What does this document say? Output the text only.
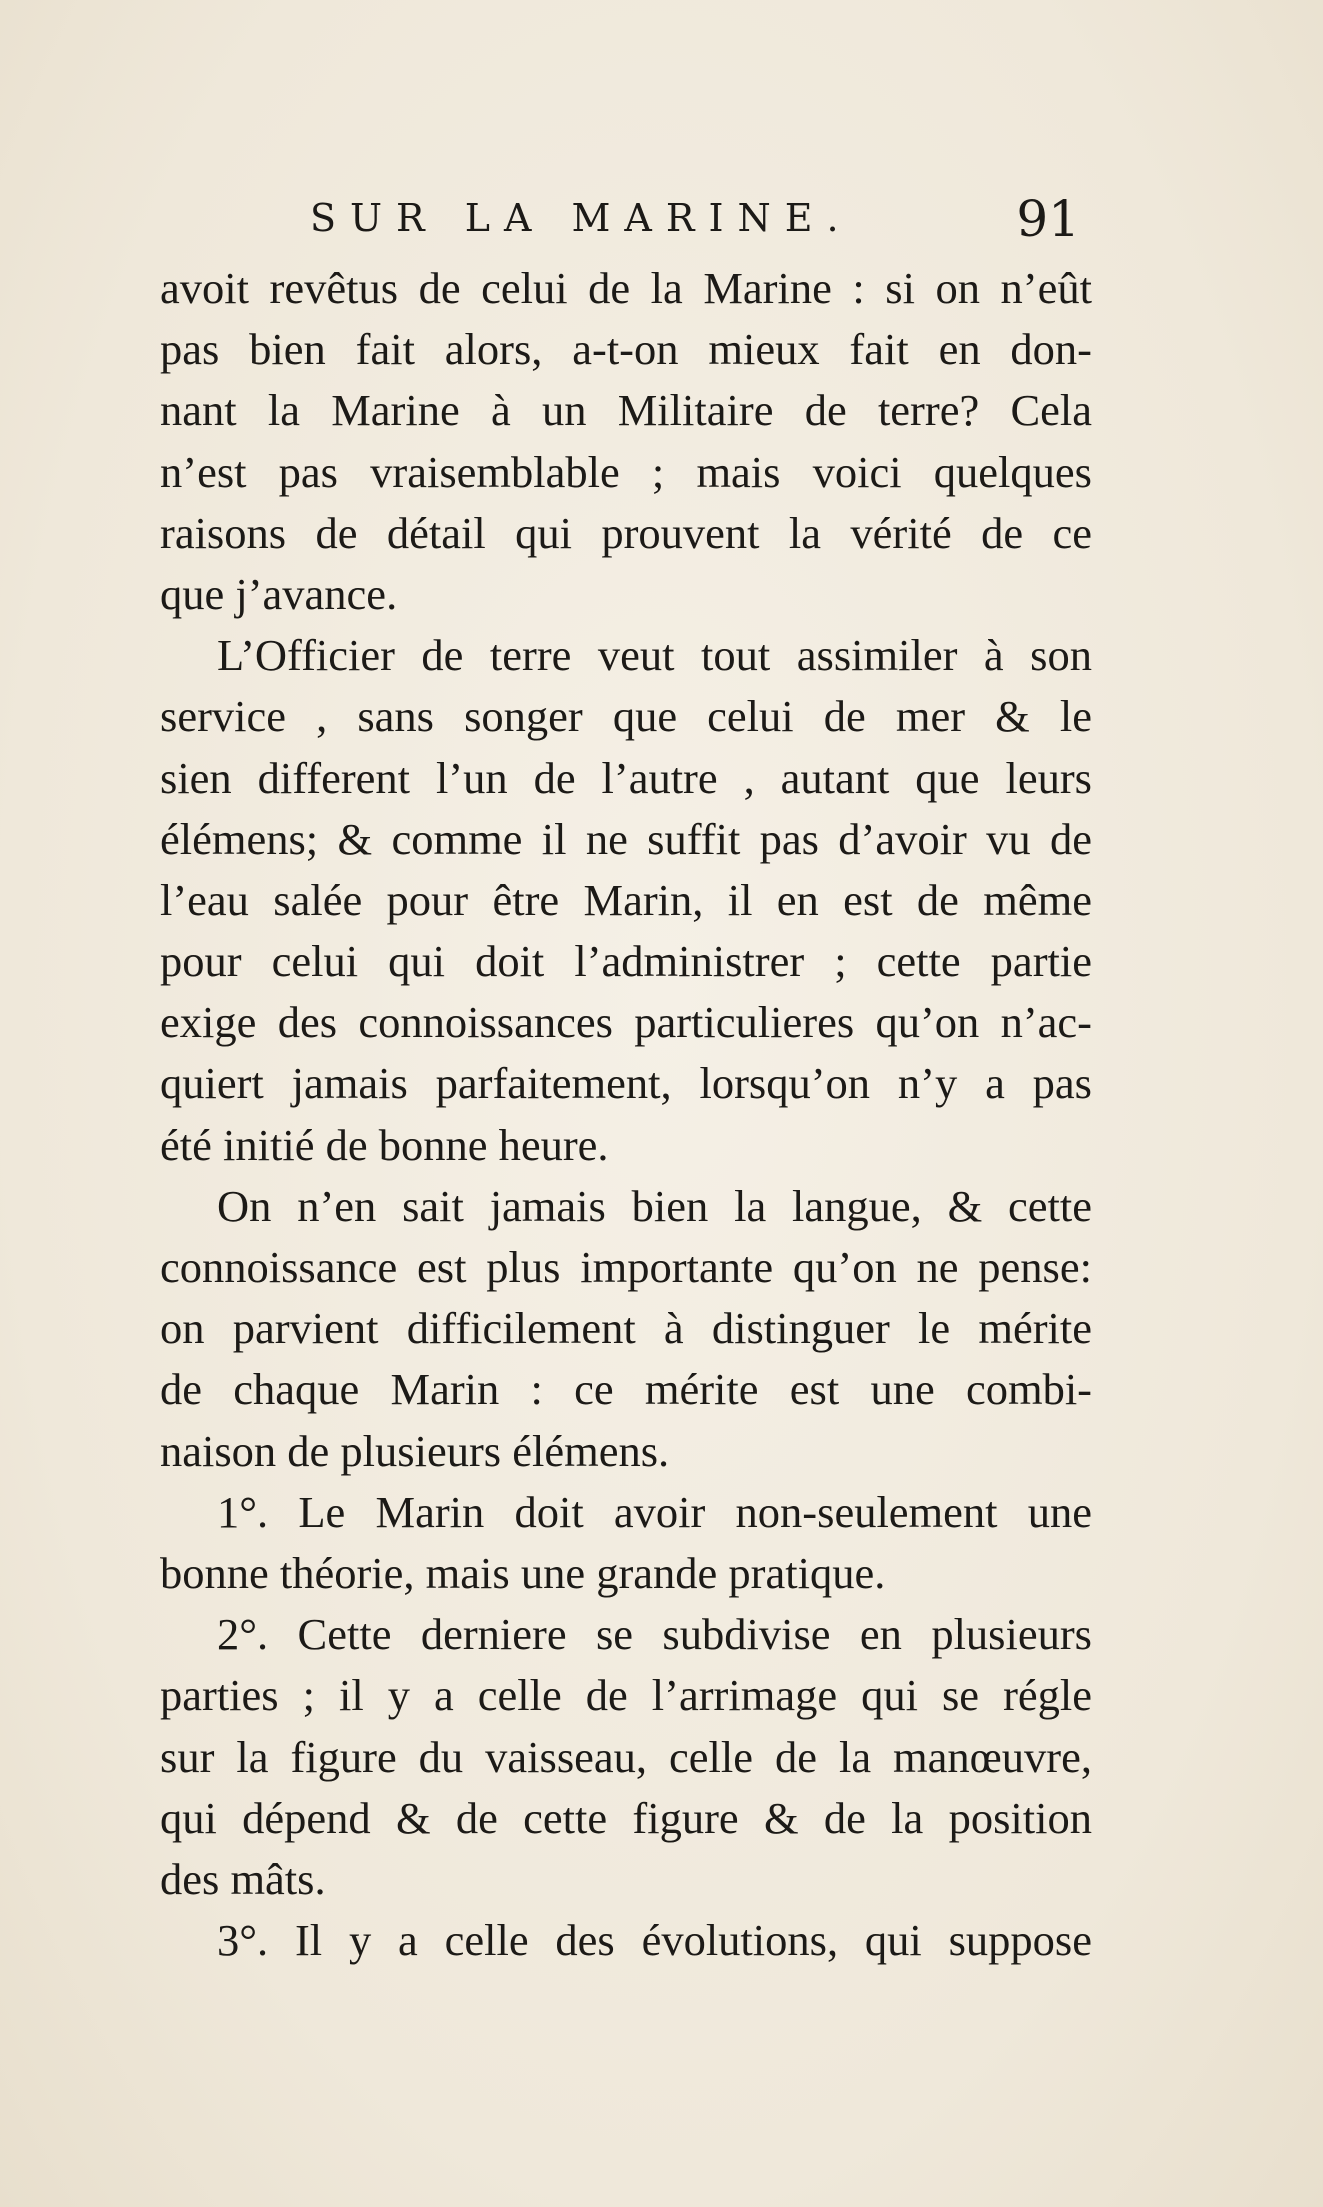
SUR LA MARINE.	91
avoit revêtus de celui de la Marine : si on n’eût
pas bien fait alors, a-t-on mieux fait en don-
nant la Marine à un Militaire de terre? Cela
n’est pas vraisemblable ; mais voici quelques
raisons de détail qui prouvent la vérité de ce
que j’avance.
L’Officier de terre veut tout assimiler à son
service , sans songer que celui de mer & le
sien different l’un de l’autre , autant que leurs
élémens; & comme il ne suffit pas d’avoir vu de
l’eau salée pour être Marin, il en est de même
pour celui qui doit l’administrer ; cette partie
exige des connoissances particulieres qu’on n’ac-
quiert jamais parfaitement, lorsqu’on n’y a pas
été initié de bonne heure.
On n’en sait jamais bien la langue, & cette
connoissance est plus importante qu’on ne pense:
on parvient difficilement à distinguer le mérite
de chaque Marin : ce mérite est une combi-
naison de plusieurs élémens.
1°. Le Marin doit avoir non-seulement une
bonne théorie, mais une grande pratique.
2°. Cette derniere se subdivise en plusieurs
parties ; il y a celle de l’arrimage qui se régle
sur la figure du vaisseau, celle de la manœuvre,
qui dépend & de cette figure & de la position
des mâts.
3°. Il y a celle des évolutions, qui suppose
